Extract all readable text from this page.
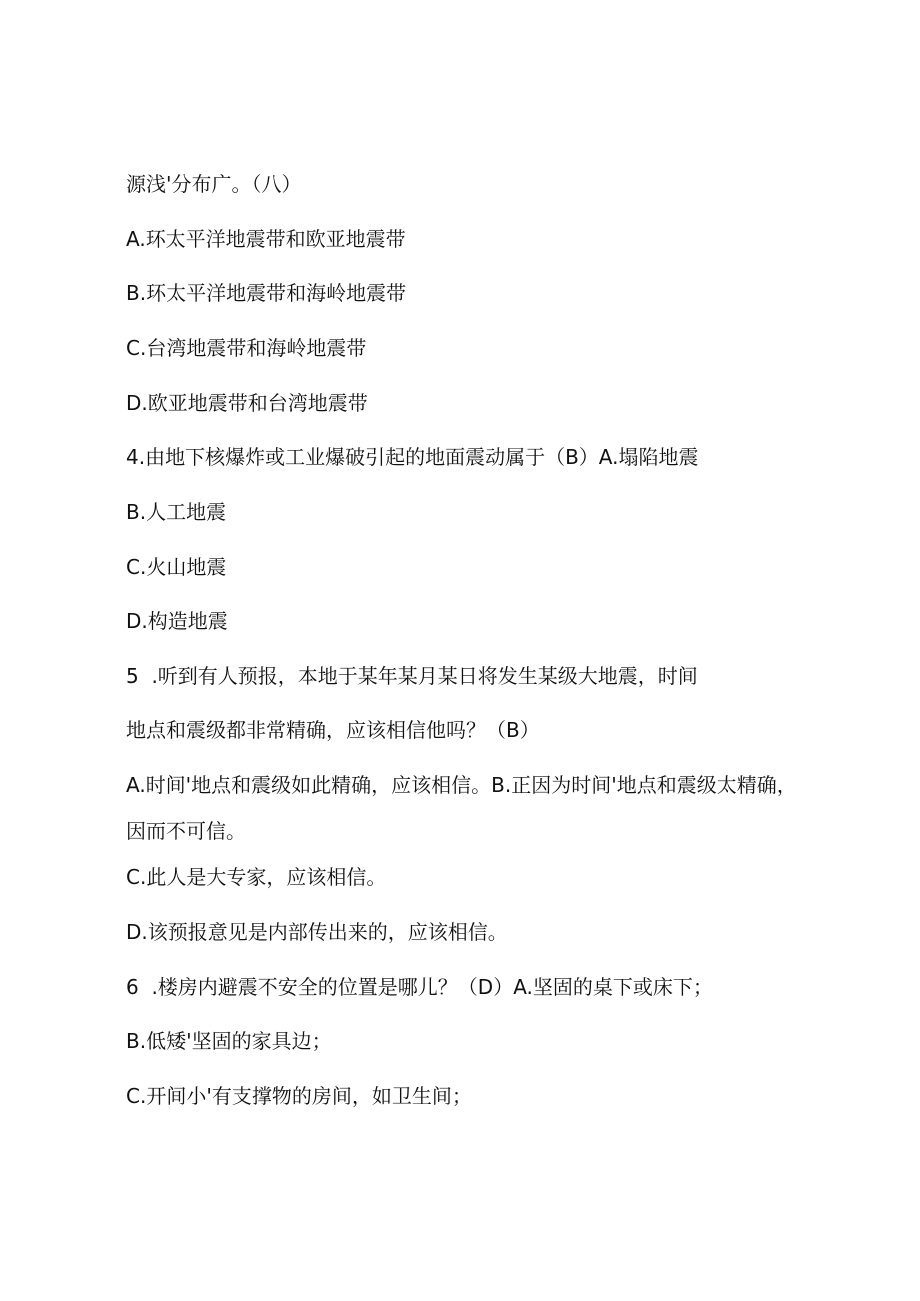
源浅'分布广。（八）

A.环太平洋地震带和欧亚地震带

B.环太平洋地震带和海岭地震带

C.台湾地震带和海岭地震带

D.欧亚地震带和台湾地震带

4.由地下核爆炸或工业爆破引起的地面震动属于（B）A.塌陷地震

B.人工地震

C.火山地震

D.构造地震

5  .听到有人预报，本地于某年某月某日将发生某级大地震，时间

地点和震级都非常精确，应该相信他吗？（B）

A.时间'地点和震级如此精确，应该相信。B.正因为时间'地点和震级太精确，因而不可信。

C.此人是大专家，应该相信。

D.该预报意见是内部传出来的，应该相信。

6  .楼房内避震不安全的位置是哪儿？（D）A.坚固的桌下或床下；

B.低矮'坚固的家具边；

C.开间小'有支撑物的房间，如卫生间；
